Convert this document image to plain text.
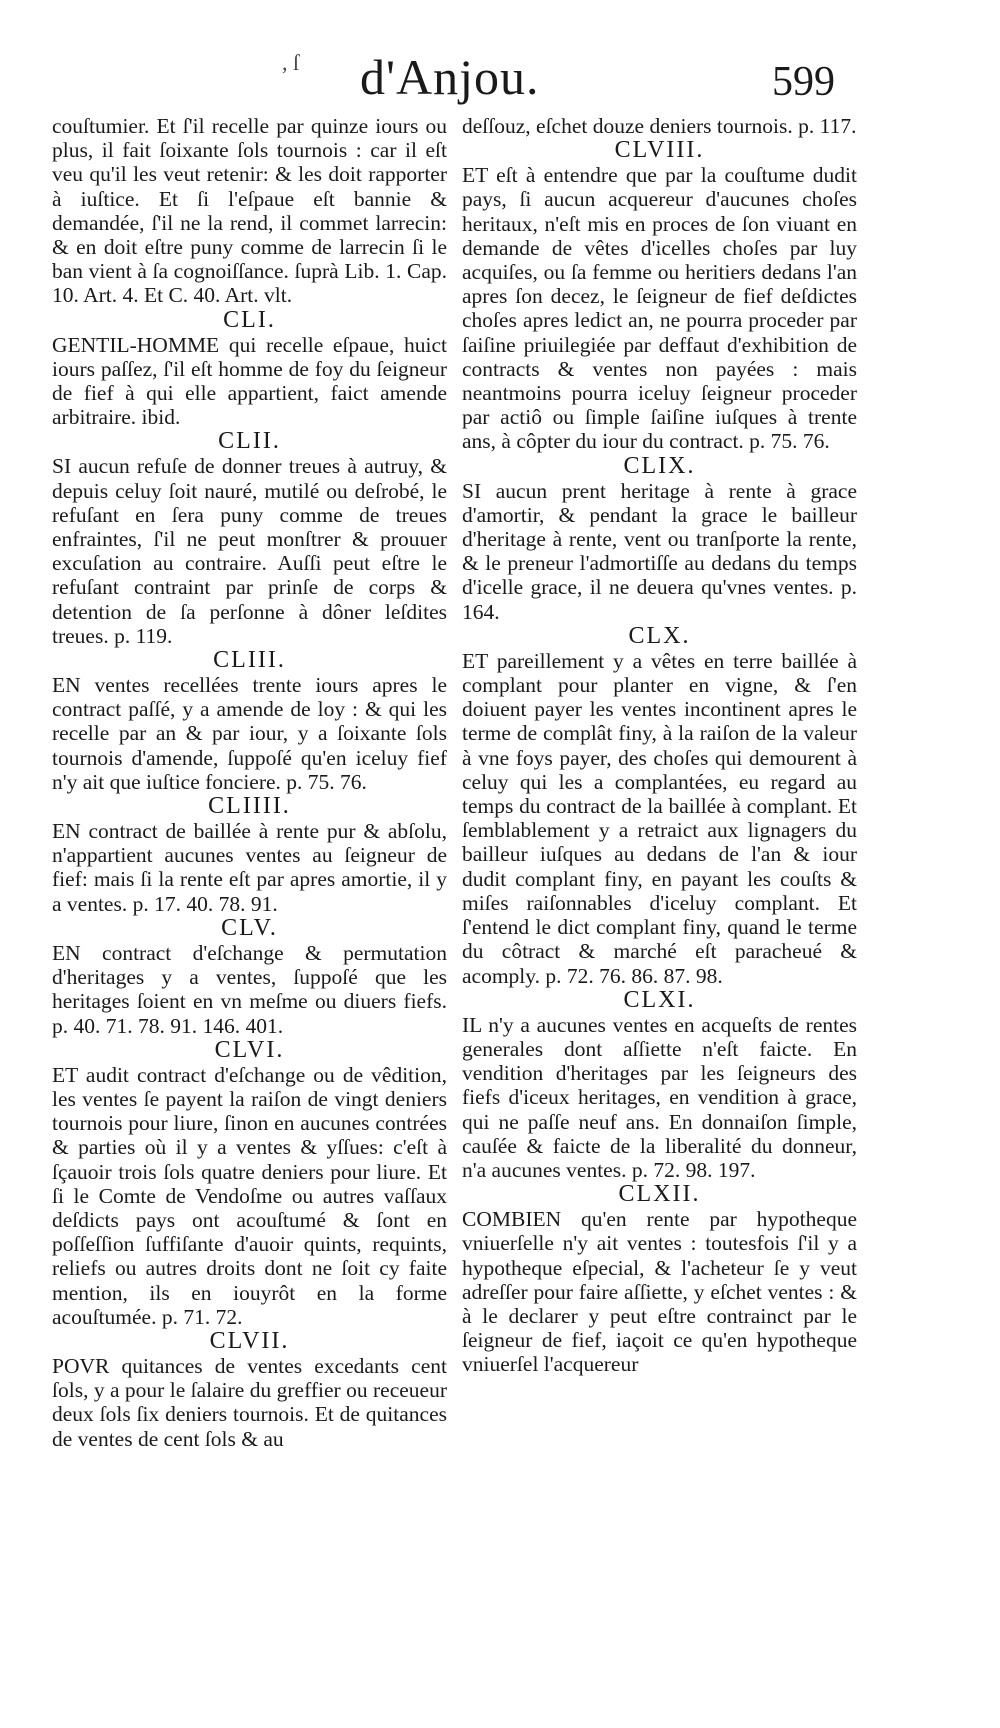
, ſ d'Anjou.	599

couſtumier. Et ſ'il recelle par quinze iours ou plus, il fait ſoixante ſols tournois : car il eſt veu qu'il les veut retenir: & les doit rapporter à iuſtice. Et ſi l'eſpaue eſt bannie & demandée, ſ'il ne la rend, il commet larrecin: & en doit eſtre puny comme de larrecin ſi le ban vient à ſa cognoiſſance. ſuprà Lib. 1. Cap. 10. Art. 4. Et C. 40. Art. vlt.

CLI.

GENTIL-HOMME qui recelle eſpaue, huict iours paſſez, ſ'il eſt homme de foy du ſeigneur de fief à qui elle appartient, faict amende arbitraire. ibid.

CLII.

SI aucun refuſe de donner treues à autruy, & depuis celuy ſoit nauré, mutilé ou deſrobé, le refuſant en ſera puny comme de treues enfraintes, ſ'il ne peut monſtrer & prouuer excuſation au contraire. Auſſi peut eſtre le refuſant contraint par prinſe de corps & detention de ſa perſonne à dôner leſdites treues. p. 119.

CLIII.

EN ventes recellées trente iours apres le contract paſſé, y a amende de loy : & qui les recelle par an & par iour, y a ſoixante ſols tournois d'amende, ſuppoſé qu'en iceluy fief n'y ait que iuſtice fonciere. p. 75. 76.

CLIIII.

EN contract de baillée à rente pur & abſolu, n'appartient aucunes ventes au ſeigneur de fief: mais ſi la rente eſt par apres amortie, il y a ventes. p. 17. 40. 78. 91.

CLV.

EN contract d'eſchange & permutation d'heritages y a ventes, ſuppoſé que les heritages ſoient en vn meſme ou diuers fiefs. p. 40. 71. 78. 91. 146. 401.

CLVI.

ET audit contract d'eſchange ou de vêdition, les ventes ſe payent la raiſon de vingt deniers tournois pour liure, ſinon en aucunes contrées & parties où il y a ventes & yſſues: c'eſt à ſçauoir trois ſols quatre deniers pour liure. Et ſi le Comte de Vendoſme ou autres vaſſaux deſdicts pays ont acouſtumé & ſont en poſſeſſion ſuffiſante d'auoir quints, requints, reliefs ou autres droits dont ne ſoit cy faite mention, ils en iouyrôt en la forme acouſtumée. p. 71. 72.

CLVII.

POVR quitances de ventes excedants cent ſols, y a pour le ſalaire du greffier ou receueur deux ſols ſix deniers tournois. Et de quitances de ventes de cent ſols & au

deſſouz, eſchet douze deniers tournois. p. 117.

CLVIII.

ET eſt à entendre que par la couſtume dudit pays, ſi aucun acquereur d'aucunes choſes heritaux, n'eſt mis en proces de ſon viuant en demande de vêtes d'icelles choſes par luy acquiſes, ou ſa femme ou heritiers dedans l'an apres ſon decez, le ſeigneur de fief deſdictes choſes apres ledict an, ne pourra proceder par ſaiſine priuilegiée par deffaut d'exhibition de contracts & ventes non payées : mais neantmoins pourra iceluy ſeigneur proceder par actiô ou ſimple ſaiſine iuſques à trente ans, à côpter du iour du contract. p. 75. 76.

CLIX.

SI aucun prent heritage à rente à grace d'amortir, & pendant la grace le bailleur d'heritage à rente, vent ou tranſporte la rente, & le preneur l'admortiſſe au dedans du temps d'icelle grace, il ne deuera qu'vnes ventes. p. 164.

CLX.

ET pareillement y a vêtes en terre baillée à complant pour planter en vigne, & ſ'en doiuent payer les ventes incontinent apres le terme de complât finy, à la raiſon de la valeur à vne foys payer, des choſes qui demourent à celuy qui les a complantées, eu regard au temps du contract de la baillée à complant. Et ſemblablement y a retraict aux lignagers du bailleur iuſques au dedans de l'an & iour dudit complant finy, en payant les couſts & miſes raiſonnables d'iceluy complant. Et ſ'entend le dict complant finy, quand le terme du côtract & marché eſt paracheué & acomply. p. 72. 76. 86. 87. 98.

CLXI.

IL n'y a aucunes ventes en acqueſts de rentes generales dont aſſiette n'eſt faicte. En vendition d'heritages par les ſeigneurs des fiefs d'iceux heritages, en vendition à grace, qui ne paſſe neuf ans. En donnaiſon ſimple, cauſée & faicte de la liberalité du donneur, n'a aucunes ventes. p. 72. 98. 197.

CLXII.

COMBIEN qu'en rente par hypotheque vniuerſelle n'y ait ventes : toutesfois ſ'il y a hypotheque eſpecial, & l'acheteur ſe y veut adreſſer pour faire aſſiette, y eſchet ventes : & à le declarer y peut eſtre contrainct par le ſeigneur de fief, iaçoit ce qu'en hypotheque vniuerſel l'acquereur
